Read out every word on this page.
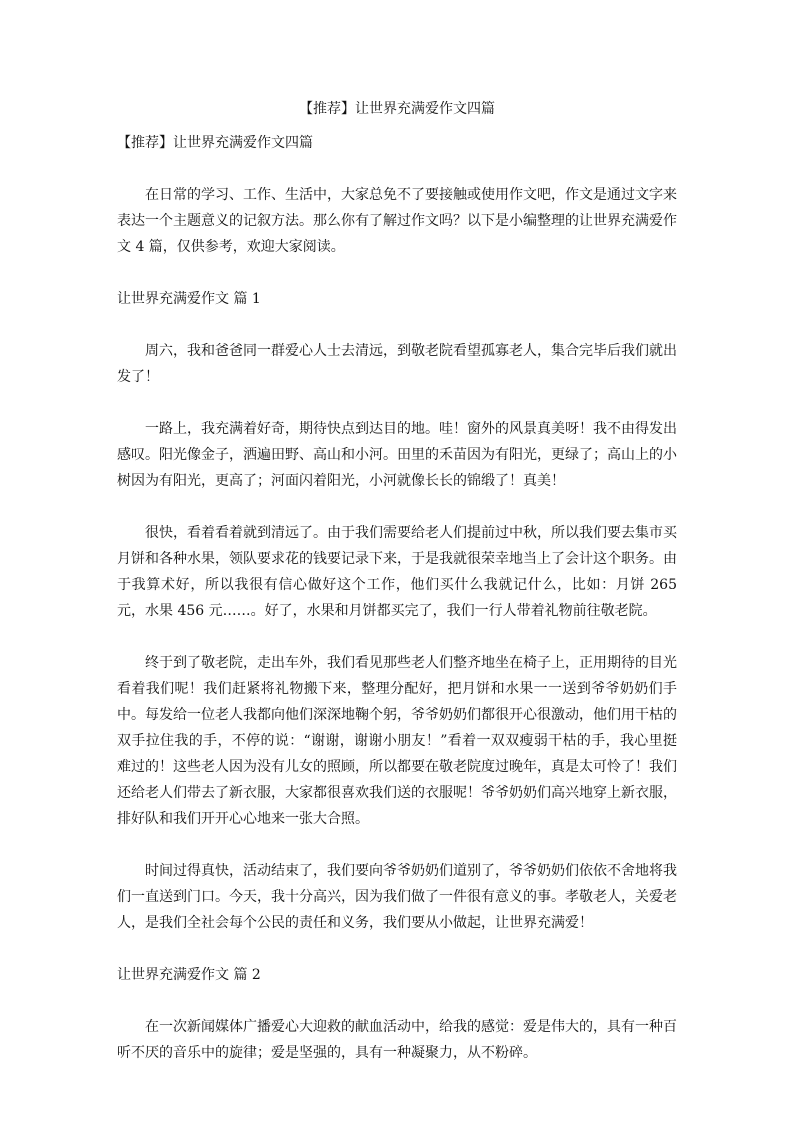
【推荐】让世界充满爱作文四篇

【推荐】让世界充满爱作文四篇

在日常的学习、工作、生活中，大家总免不了要接触或使用作文吧，作文是通过文字来表达一个主题意义的记叙方法。那么你有了解过作文吗？以下是小编整理的让世界充满爱作文 4 篇，仅供参考，欢迎大家阅读。

让世界充满爱作文 篇 1

周六，我和爸爸同一群爱心人士去清远，到敬老院看望孤寡老人，集合完毕后我们就出发了！

一路上，我充满着好奇，期待快点到达目的地。哇！窗外的风景真美呀！我不由得发出感叹。阳光像金子，洒遍田野、高山和小河。田里的禾苗因为有阳光，更绿了；高山上的小树因为有阳光，更高了；河面闪着阳光，小河就像长长的锦缎了！真美！

很快，看着看着就到清远了。由于我们需要给老人们提前过中秋，所以我们要去集市买月饼和各种水果，领队要求花的钱要记录下来，于是我就很荣幸地当上了会计这个职务。由于我算术好，所以我很有信心做好这个工作，他们买什么我就记什么，比如：月饼 265 元，水果 456 元……。好了，水果和月饼都买完了，我们一行人带着礼物前往敬老院。

终于到了敬老院，走出车外，我们看见那些老人们整齐地坐在椅子上，正用期待的目光看着我们呢！我们赶紧将礼物搬下来，整理分配好，把月饼和水果一一送到爷爷奶奶们手中。每发给一位老人我都向他们深深地鞠个躬，爷爷奶奶们都很开心很激动，他们用干枯的双手拉住我的手，不停的说：“谢谢，谢谢小朋友！”看着一双双瘦弱干枯的手，我心里挺难过的！这些老人因为没有儿女的照顾，所以都要在敬老院度过晚年，真是太可怜了！我们还给老人们带去了新衣服，大家都很喜欢我们送的衣服呢！爷爷奶奶们高兴地穿上新衣服，排好队和我们开开心心地来一张大合照。

时间过得真快，活动结束了，我们要向爷爷奶奶们道别了，爷爷奶奶们依依不舍地将我们一直送到门口。今天，我十分高兴，因为我们做了一件很有意义的事。孝敬老人，关爱老人，是我们全社会每个公民的责任和义务，我们要从小做起，让世界充满爱！

让世界充满爱作文 篇 2

在一次新闻媒体广播爱心大迎救的献血活动中，给我的感觉：爱是伟大的，具有一种百听不厌的音乐中的旋律；爱是坚强的，具有一种凝聚力，从不粉碎。
